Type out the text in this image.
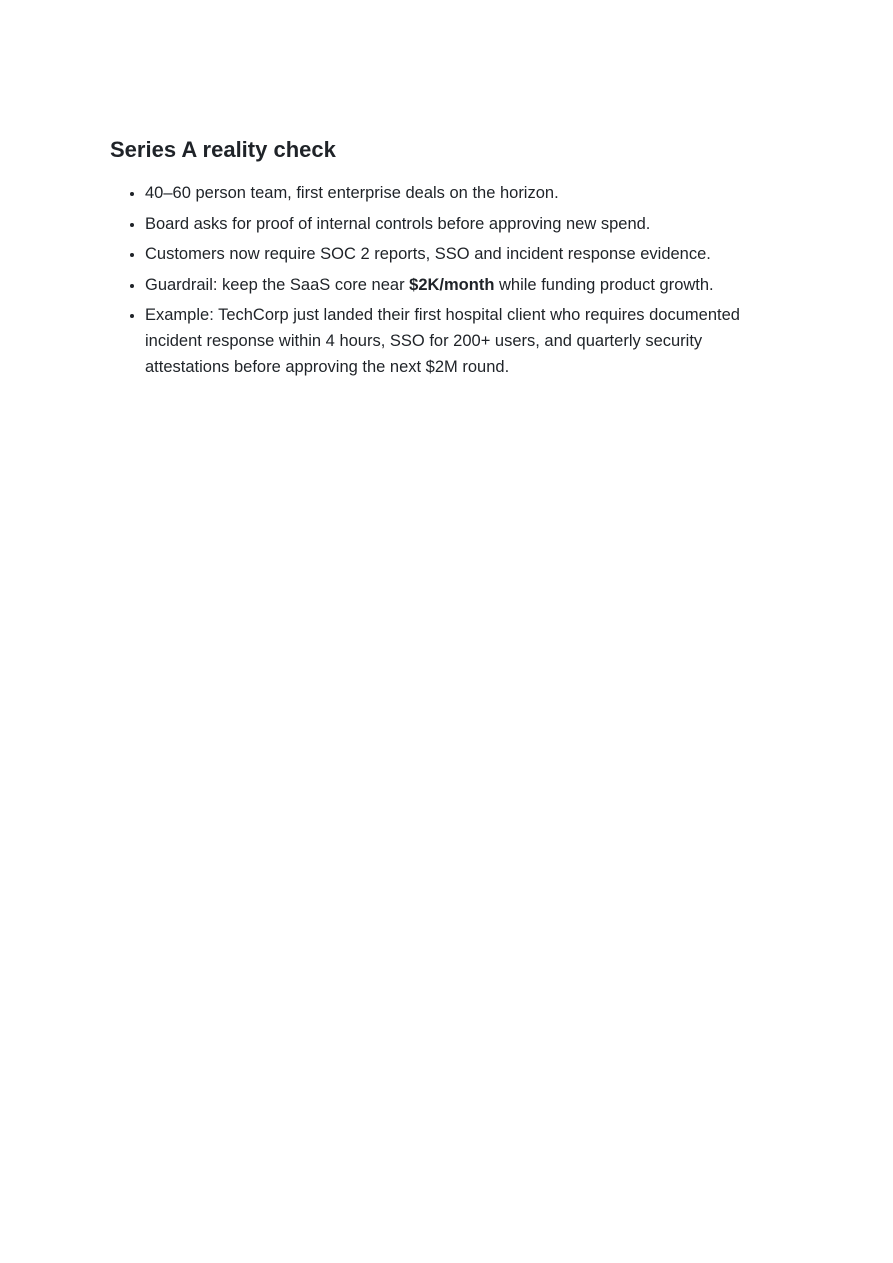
Series A reality check
• 40–60 person team, first enterprise deals on the horizon.
• Board asks for proof of internal controls before approving new spend.
• Customers now require SOC 2 reports, SSO and incident response evidence.
• Guardrail: keep the SaaS core near $2K/month while funding product growth.
• Example: TechCorp just landed their first hospital client who requires documented incident response within 4 hours, SSO for 200+ users, and quarterly security attestations before approving the next $2M round.
